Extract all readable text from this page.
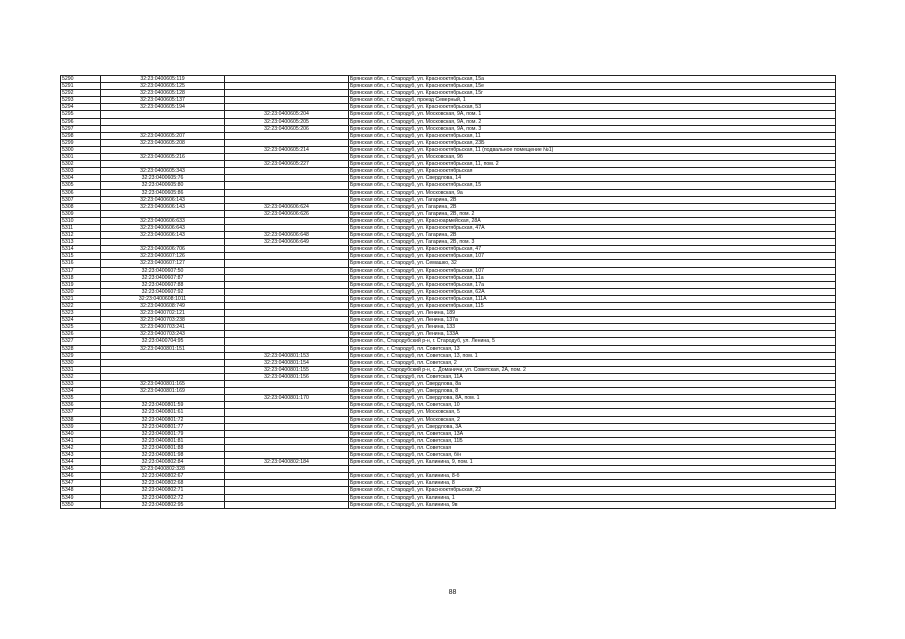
5290	32:23:0400605:119		Брянская обл., г. Стародуб, ул. Краснооктябрьская, 15а
5291	32:23:0400605:125		Брянская обл., г. Стародуб, ул. Краснооктябрьская, 15е
5292	32:23:0400605:128		Брянская обл., г. Стародуб, ул. Краснооктябрьская, 15г
5293	32:23:0400605:137		Брянская обл., г. Стародуб, проезд Северный, 1
5294	32:23:0400605:194		Брянская обл., г. Стародуб, ул. Краснооктябрьская, 53
5295		32:23:0400605:204	Брянская обл., г. Стародуб, ул. Московская, 9А, пом. 1
5296		32:23:0400605:205	Брянская обл., г. Стародуб, ул. Московская, 9А, пом. 2
5297		32:23:0400605:206	Брянская обл., г. Стародуб, ул. Московская, 9А, пом. 3
5298	32:23:0400605:207		Брянская обл., г. Стародуб, ул. Краснооктябрьская, 11
5299	32:23:0400605:208		Брянская обл., г. Стародуб, ул. Краснооктябрьская, 23Б
5300		32:23:0400605:214	Брянская обл., г. Стародуб, ул. Краснооктябрьская, 11 (подвальное помещение №1)
5301	32:23:0400605:216		Брянская обл., г. Стародуб, ул. Московская, 9б
5302		32:23:0400605:227	Брянская обл., г. Стародуб, ул. Краснооктябрьская, 11, пом. 2
5303	32:23:0400605:343		Брянская обл., г. Стародуб, ул. Краснооктябрьская
5304	32:23:0400605:76		Брянская обл., г. Стародуб, ул. Свердлова, 14
5305	32:23:0400605:80		Брянская обл., г. Стародуб, ул. Краснооктябрьская, 15
5306	32:23:0400605:86		Брянская обл., г. Стародуб, ул. Московская, 9а
5307	32:23:0400606:143		Брянская обл., г. Стародуб, ул. Гагарина, 2В
5308	32:23:0400606:143	32:23:0400606:624	Брянская обл., г. Стародуб, ул. Гагарина, 2В
5309		32:23:0400606:626	Брянская обл., г. Стародуб, ул. Гагарина, 2В, пом. 2
5310	32:23:0400606:633		Брянская обл., г. Стародуб, ул. Красноармейская, 28А
5311	32:23:0400606:643		Брянская обл., г. Стародуб, ул. Краснооктябрьская, 47А
5312	32:23:0400606:143	32:23:0400606:648	Брянская обл., г. Стародуб, ул. Гагарина, 2В
5313		32:23:0400606:649	Брянская обл., г. Стародуб, ул. Гагарина, 2В, пом. 3
5314	32:23:0400606:706		Брянская обл., г. Стародуб, ул. Краснооктябрьская, 47
5315	32:23:0400607:126		Брянская обл., г. Стародуб, ул. Краснооктябрьская, 107
5316	32:23:0400607:127		Брянская обл., г. Стародуб, ул. Семашко, 32
5317	32:23:0400607:50		Брянская обл., г. Стародуб, ул. Краснооктябрьская, 107
5318	32:23:0400607:87		Брянская обл., г. Стародуб, ул. Краснооктябрьская, 11а
5319	32:23:0400607:88		Брянская обл., г. Стародуб, ул. Краснооктябрьская, 17а
5320	32:23:0400607:92		Брянская обл., г. Стародуб, ул. Краснооктябрьская, 62А
5321	32:23:0400608:1011		Брянская обл., г. Стародуб, ул. Краснооктябрьская, 111А
5322	32:23:0400608:749		Брянская обл., г. Стародуб, ул. Краснооктябрьская, 115
5323	32:23:0400702:121		Брянская обл., г. Стародуб, ул. Ленина, 189
5324	32:23:0400703:238		Брянская обл., г. Стародуб, ул. Ленина, 137а
5325	32:23:0400703:241		Брянская обл., г. Стародуб, ул. Ленина, 133
5326	32:23:0400703:243		Брянская обл., г. Стародуб, ул. Ленина, 133А
5327	32:23:0400704:95		Брянская обл., Стародубский р-н, г. Стародуб, ул. Ленина, 5
5328	32:23:0400801:151		Брянская обл., г. Стародуб, пл. Советская, 13
5329		32:23:0400801:153	Брянская обл., г. Стародуб, пл. Советская, 13, пом. 1
5330		32:23:0400801:154	Брянская обл., г. Стародуб, пл. Советская, 2
5331		32:23:0400801:155	Брянская обл., Стародубский р-н, с. Доманичи, ул. Советская, 2А, пом. 2
5332		32:23:0400801:156	Брянская обл., г. Стародуб, пл. Советская, 11А
5333	32:23:0400801:165		Брянская обл., г. Стародуб, ул. Свердлова, 8а
5334	32:23:0400801:169		Брянская обл., г. Стародуб, ул. Свердлова, 8
5335		32:23:0400801:170	Брянская обл., г. Стародуб, ул. Свердлова, 8А, пом. 1
5336	32:23:0400801:59		Брянская обл., г. Стародуб, пл. Советская, 10
5337	32:23:0400801:61		Брянская обл., г. Стародуб, ул. Московская, 5
5338	32:23:0400801:72		Брянская обл., г. Стародуб, ул. Московская, 2
5339	32:23:0400801:77		Брянская обл., г. Стародуб, ул. Свердлова, 3А
5340	32:23:0400801:79		Брянская обл., г. Стародуб, пл. Советская, 13А
5341	32:23:0400801:81		Брянская обл., г. Стародуб, пл. Советская, 11Б
5342	32:23:0400801:88		Брянская обл., г. Стародуб, пл. Советская
5343	32:23:0400801:98		Брянская обл., г. Стародуб, пл. Советская, б/н
5344	32:23:0400802:84	32:23:0400802:184	Брянская обл., г. Стародуб, ул. Калинина, 9, пом. 1
5345	32:23:0400802:328		
5346	32:23:0400802:67		Брянская обл., г. Стародуб, ул. Калинина, 8-б
5347	32:23:0400802:68		Брянская обл., г. Стародуб, ул. Калинина, 8
5348	32:23:0400802:71		Брянская обл., г. Стародуб, ул. Краснооктябрьская, 22
5349	32:23:0400802:72		Брянская обл., г. Стародуб, ул. Калинина, 1
5350	32:23:0400802:95		Брянская обл., г. Стародуб, ул. Калинина, 9в
88
